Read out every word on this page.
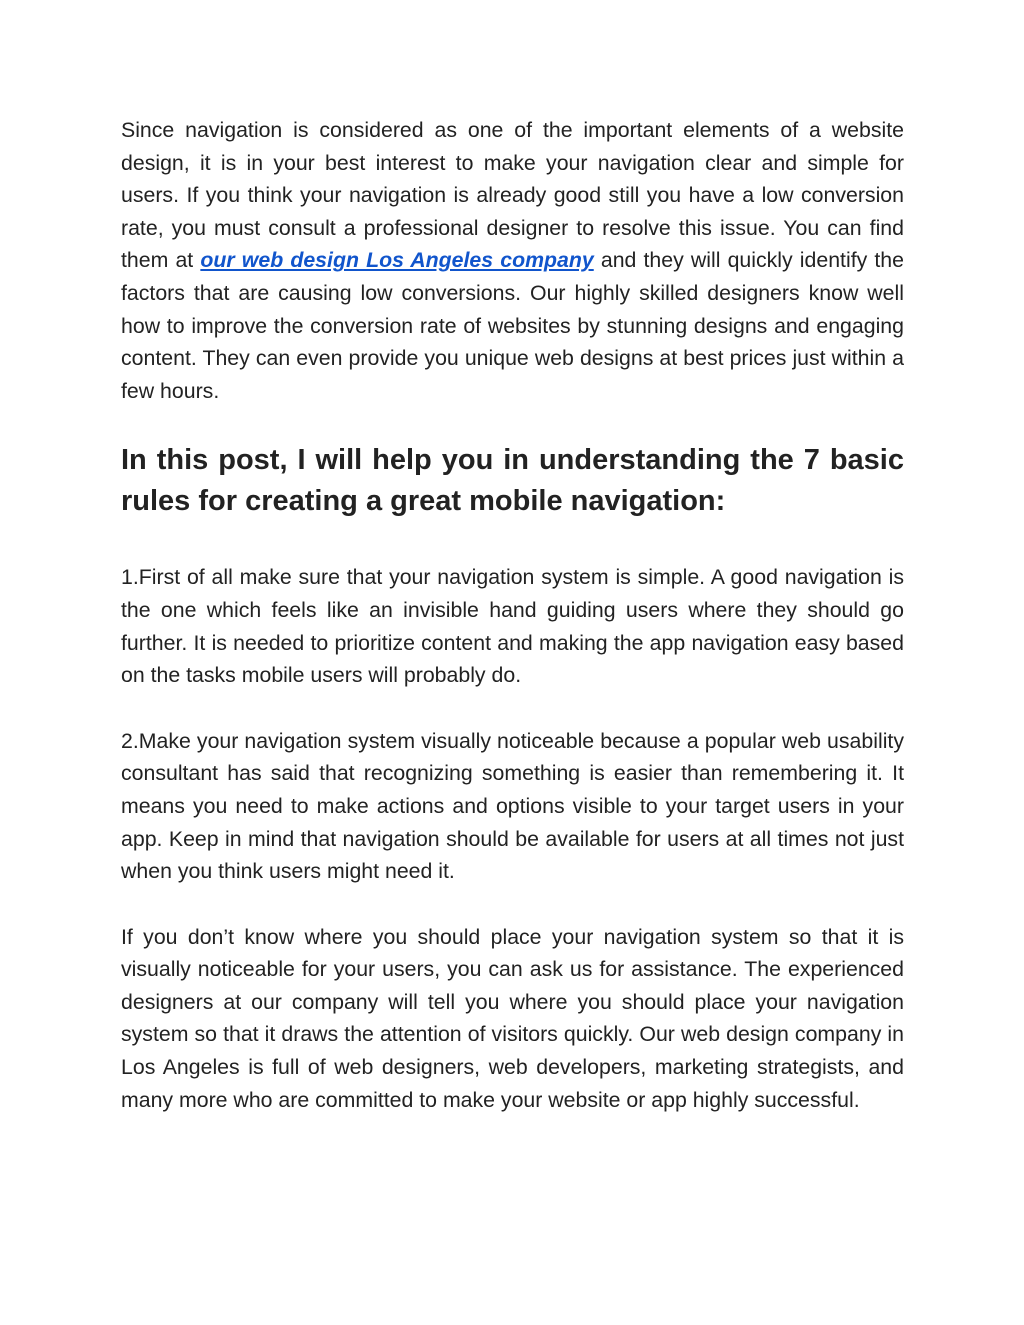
Since navigation is considered as one of the important elements of a website design, it is in your best interest to make your navigation clear and simple for users. If you think your navigation is already good still you have a low conversion rate, you must consult a professional designer to resolve this issue. You can find them at our web design Los Angeles company and they will quickly identify the factors that are causing low conversions. Our highly skilled designers know well how to improve the conversion rate of websites by stunning designs and engaging content. They can even provide you unique web designs at best prices just within a few hours.

In this post, I will help you in understanding the 7 basic rules for creating a great mobile navigation:

1.First of all make sure that your navigation system is simple. A good navigation is the one which feels like an invisible hand guiding users where they should go further. It is needed to prioritize content and making the app navigation easy based on the tasks mobile users will probably do.

2.Make your navigation system visually noticeable because a popular web usability consultant has said that recognizing something is easier than remembering it. It means you need to make actions and options visible to your target users in your app. Keep in mind that navigation should be available for users at all times not just when you think users might need it.

If you don’t know where you should place your navigation system so that it is visually noticeable for your users, you can ask us for assistance. The experienced designers at our company will tell you where you should place your navigation system so that it draws the attention of visitors quickly. Our web design company in Los Angeles is full of web designers, web developers, marketing strategists, and many more who are committed to make your website or app highly successful.
